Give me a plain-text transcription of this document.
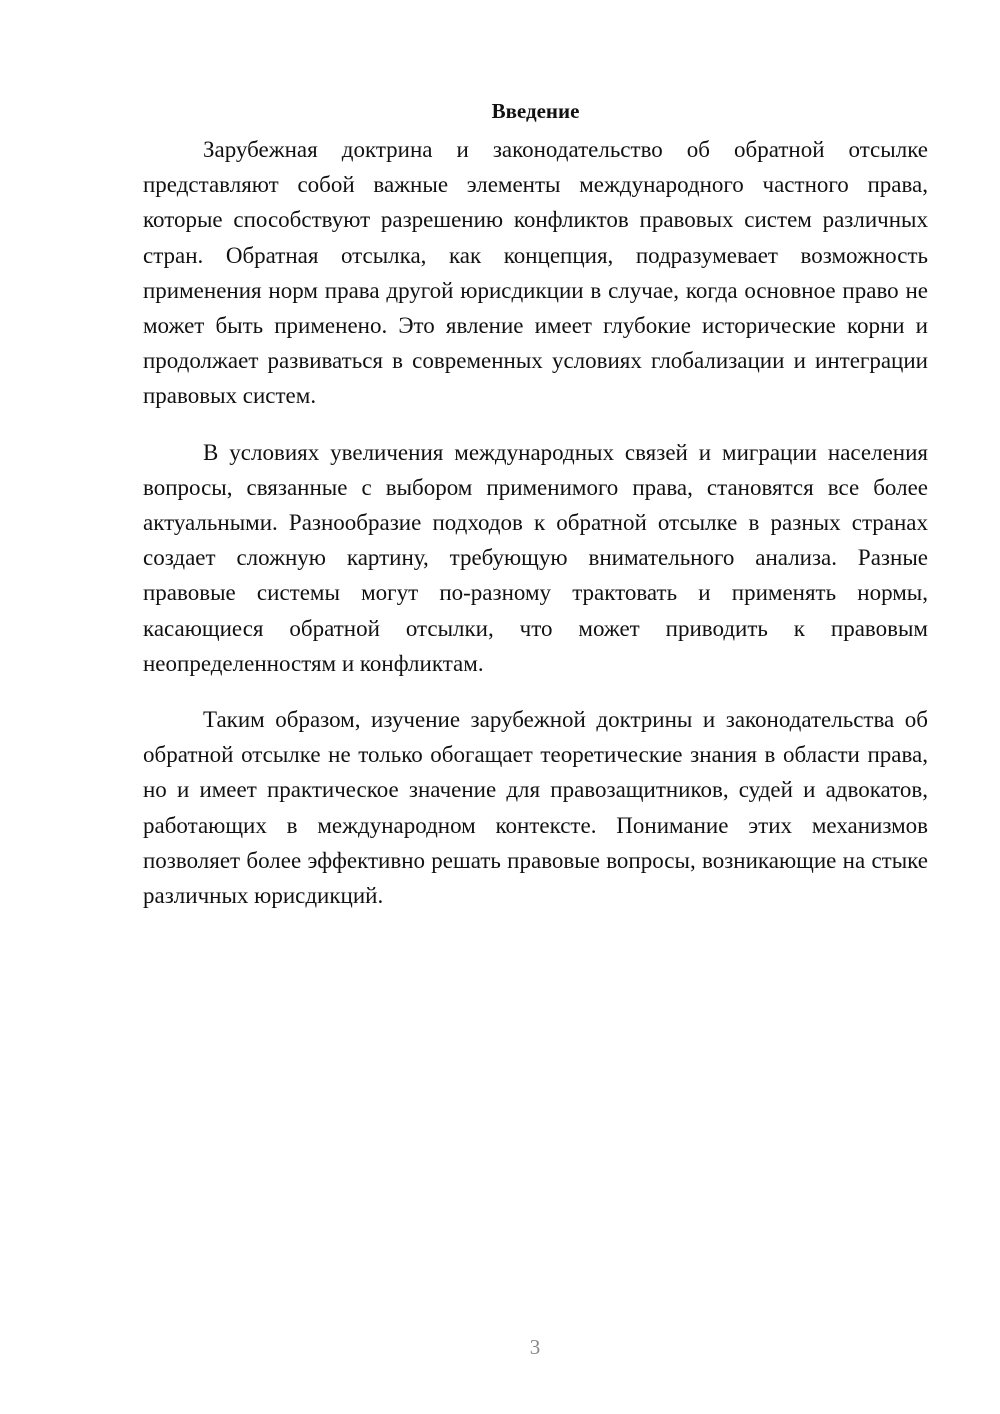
Введение

Зарубежная доктрина и законодательство об обратной отсылке представляют собой важные элементы международного частного права, которые способствуют разрешению конфликтов правовых систем различных стран. Обратная отсылка, как концепция, подразумевает возможность применения норм права другой юрисдикции в случае, когда основное право не может быть применено. Это явление имеет глубокие исторические корни и продолжает развиваться в современных условиях глобализации и интеграции правовых систем.

В условиях увеличения международных связей и миграции населения вопросы, связанные с выбором применимого права, становятся все более актуальными. Разнообразие подходов к обратной отсылке в разных странах создает сложную картину, требующую внимательного анализа. Разные правовые системы могут по-разному трактовать и применять нормы, касающиеся обратной отсылки, что может приводить к правовым неопределенностям и конфликтам.

Таким образом, изучение зарубежной доктрины и законодательства об обратной отсылке не только обогащает теоретические знания в области права, но и имеет практическое значение для правозащитников, судей и адвокатов, работающих в международном контексте. Понимание этих механизмов позволяет более эффективно решать правовые вопросы, возникающие на стыке различных юрисдикций.

3
